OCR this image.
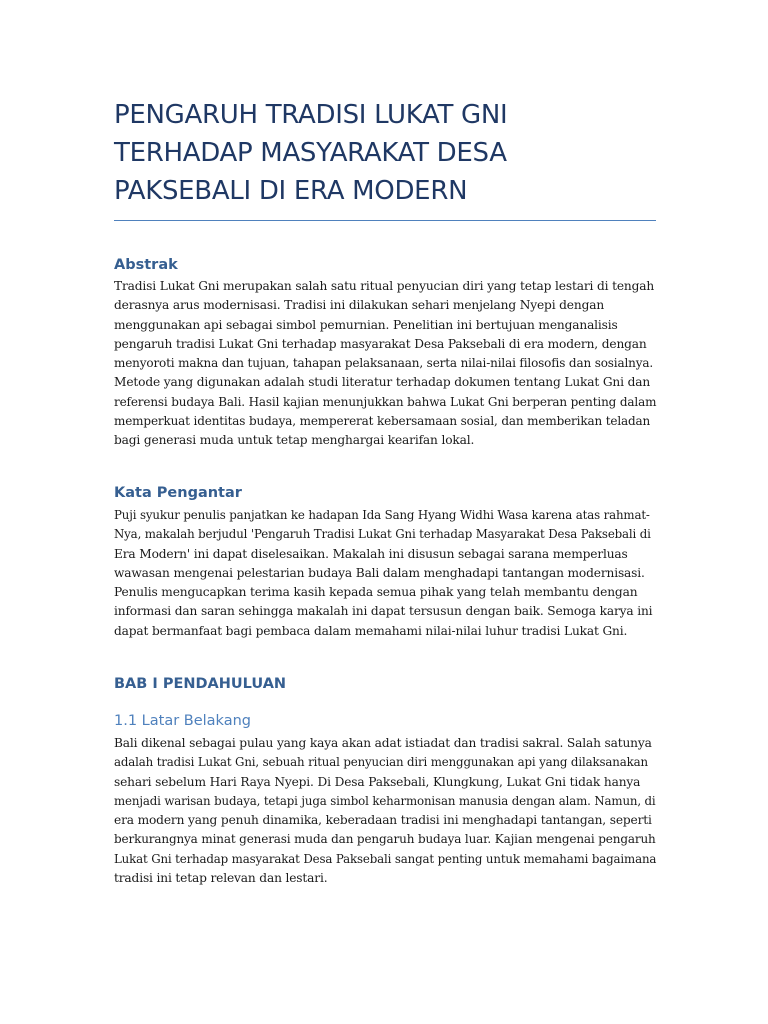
PENGARUH TRADISI LUKAT GNI
TERHADAP MASYARAKAT DESA
PAKSEBALI DI ERA MODERN
Abstrak
Tradisi Lukat Gni merupakan salah satu ritual penyucian diri yang tetap lestari di tengah
derasnya arus modernisasi. Tradisi ini dilakukan sehari menjelang Nyepi dengan
menggunakan api sebagai simbol pemurnian. Penelitian ini bertujuan menganalisis
pengaruh tradisi Lukat Gni terhadap masyarakat Desa Paksebali di era modern, dengan
menyoroti makna dan tujuan, tahapan pelaksanaan, serta nilai-nilai filosofis dan sosialnya.
Metode yang digunakan adalah studi literatur terhadap dokumen tentang Lukat Gni dan
referensi budaya Bali. Hasil kajian menunjukkan bahwa Lukat Gni berperan penting dalam
memperkuat identitas budaya, mempererat kebersamaan sosial, dan memberikan teladan
bagi generasi muda untuk tetap menghargai kearifan lokal.
Kata Pengantar
Puji syukur penulis panjatkan ke hadapan Ida Sang Hyang Widhi Wasa karena atas rahmat-
Nya, makalah berjudul 'Pengaruh Tradisi Lukat Gni terhadap Masyarakat Desa Paksebali di
Era Modern' ini dapat diselesaikan. Makalah ini disusun sebagai sarana memperluas
wawasan mengenai pelestarian budaya Bali dalam menghadapi tantangan modernisasi.
Penulis mengucapkan terima kasih kepada semua pihak yang telah membantu dengan
informasi dan saran sehingga makalah ini dapat tersusun dengan baik. Semoga karya ini
dapat bermanfaat bagi pembaca dalam memahami nilai-nilai luhur tradisi Lukat Gni.
BAB I PENDAHULUAN
1.1 Latar Belakang
Bali dikenal sebagai pulau yang kaya akan adat istiadat dan tradisi sakral. Salah satunya
adalah tradisi Lukat Gni, sebuah ritual penyucian diri menggunakan api yang dilaksanakan
sehari sebelum Hari Raya Nyepi. Di Desa Paksebali, Klungkung, Lukat Gni tidak hanya
menjadi warisan budaya, tetapi juga simbol keharmonisan manusia dengan alam. Namun, di
era modern yang penuh dinamika, keberadaan tradisi ini menghadapi tantangan, seperti
berkurangnya minat generasi muda dan pengaruh budaya luar. Kajian mengenai pengaruh
Lukat Gni terhadap masyarakat Desa Paksebali sangat penting untuk memahami bagaimana
tradisi ini tetap relevan dan lestari.
